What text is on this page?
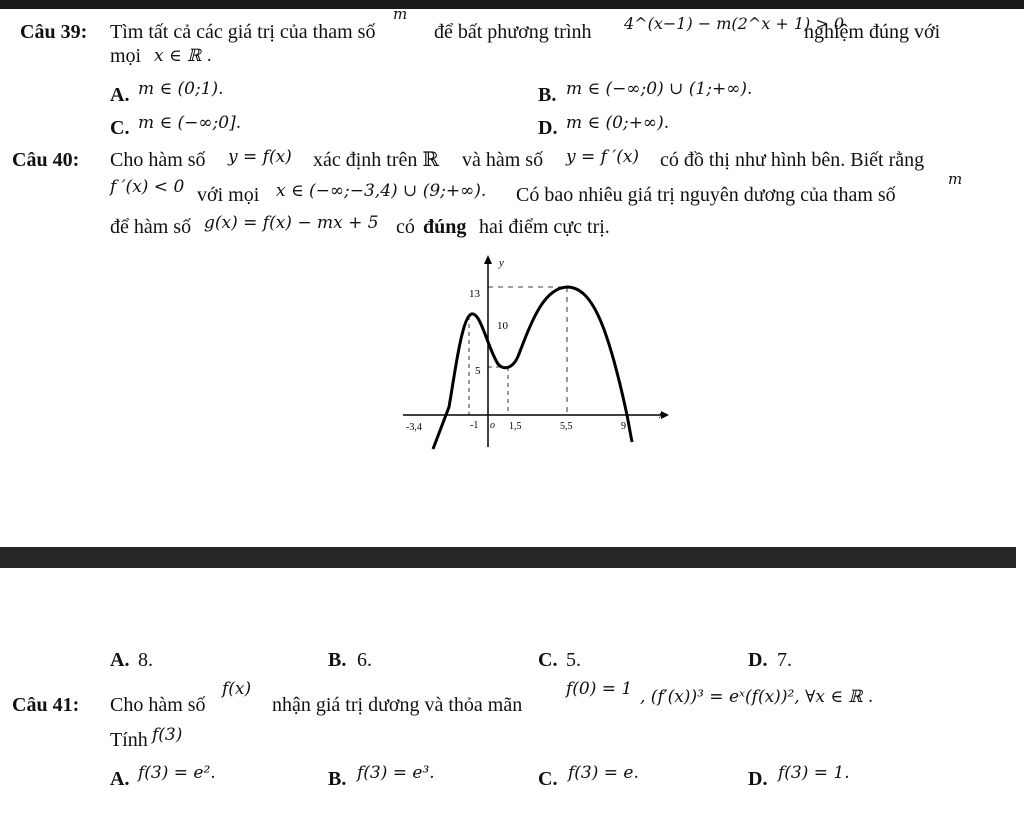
Câu 39: Tìm tất cả các giá trị của tham số
m
để bất phương trình 4^(x−1) − m(2^x + 1) > 0
nghiệm đúng với
mọi x ∈ ℝ .
A. m ∈ (0;1).	B. m ∈ (−∞;0) ∪ (1;+∞).
C. m ∈ (−∞;0].	D. m ∈ (0;+∞).
Câu 40: Cho hàm số y = f(x) xác định trên ℝ và hàm số y = f ′(x) có đồ thị như hình bên. Biết rằng
f ′(x) < 0 với mọi x ∈ (−∞;−3,4) ∪ (9;+∞). Có bao nhiêu giá trị nguyên dương của tham số
m
để hàm số g(x) = f(x) − mx + 5 có đúng hai điểm cực trị.
y
x
13
10
5
-3,4	-1 o 1,5	5,5	9
A. 8.	B. 6.	C. 5.	D. 7.
Câu 41: Cho hàm số
f(x)
nhận giá trị dương và thỏa mãn
f(0) = 1 , (f′(x))³ = eˣ(f(x))², ∀x ∈ ℝ .
Tính f(3)
A. f(3) = e².	B. f(3) = e³.	C. f(3) = e.	D. f(3) = 1.
